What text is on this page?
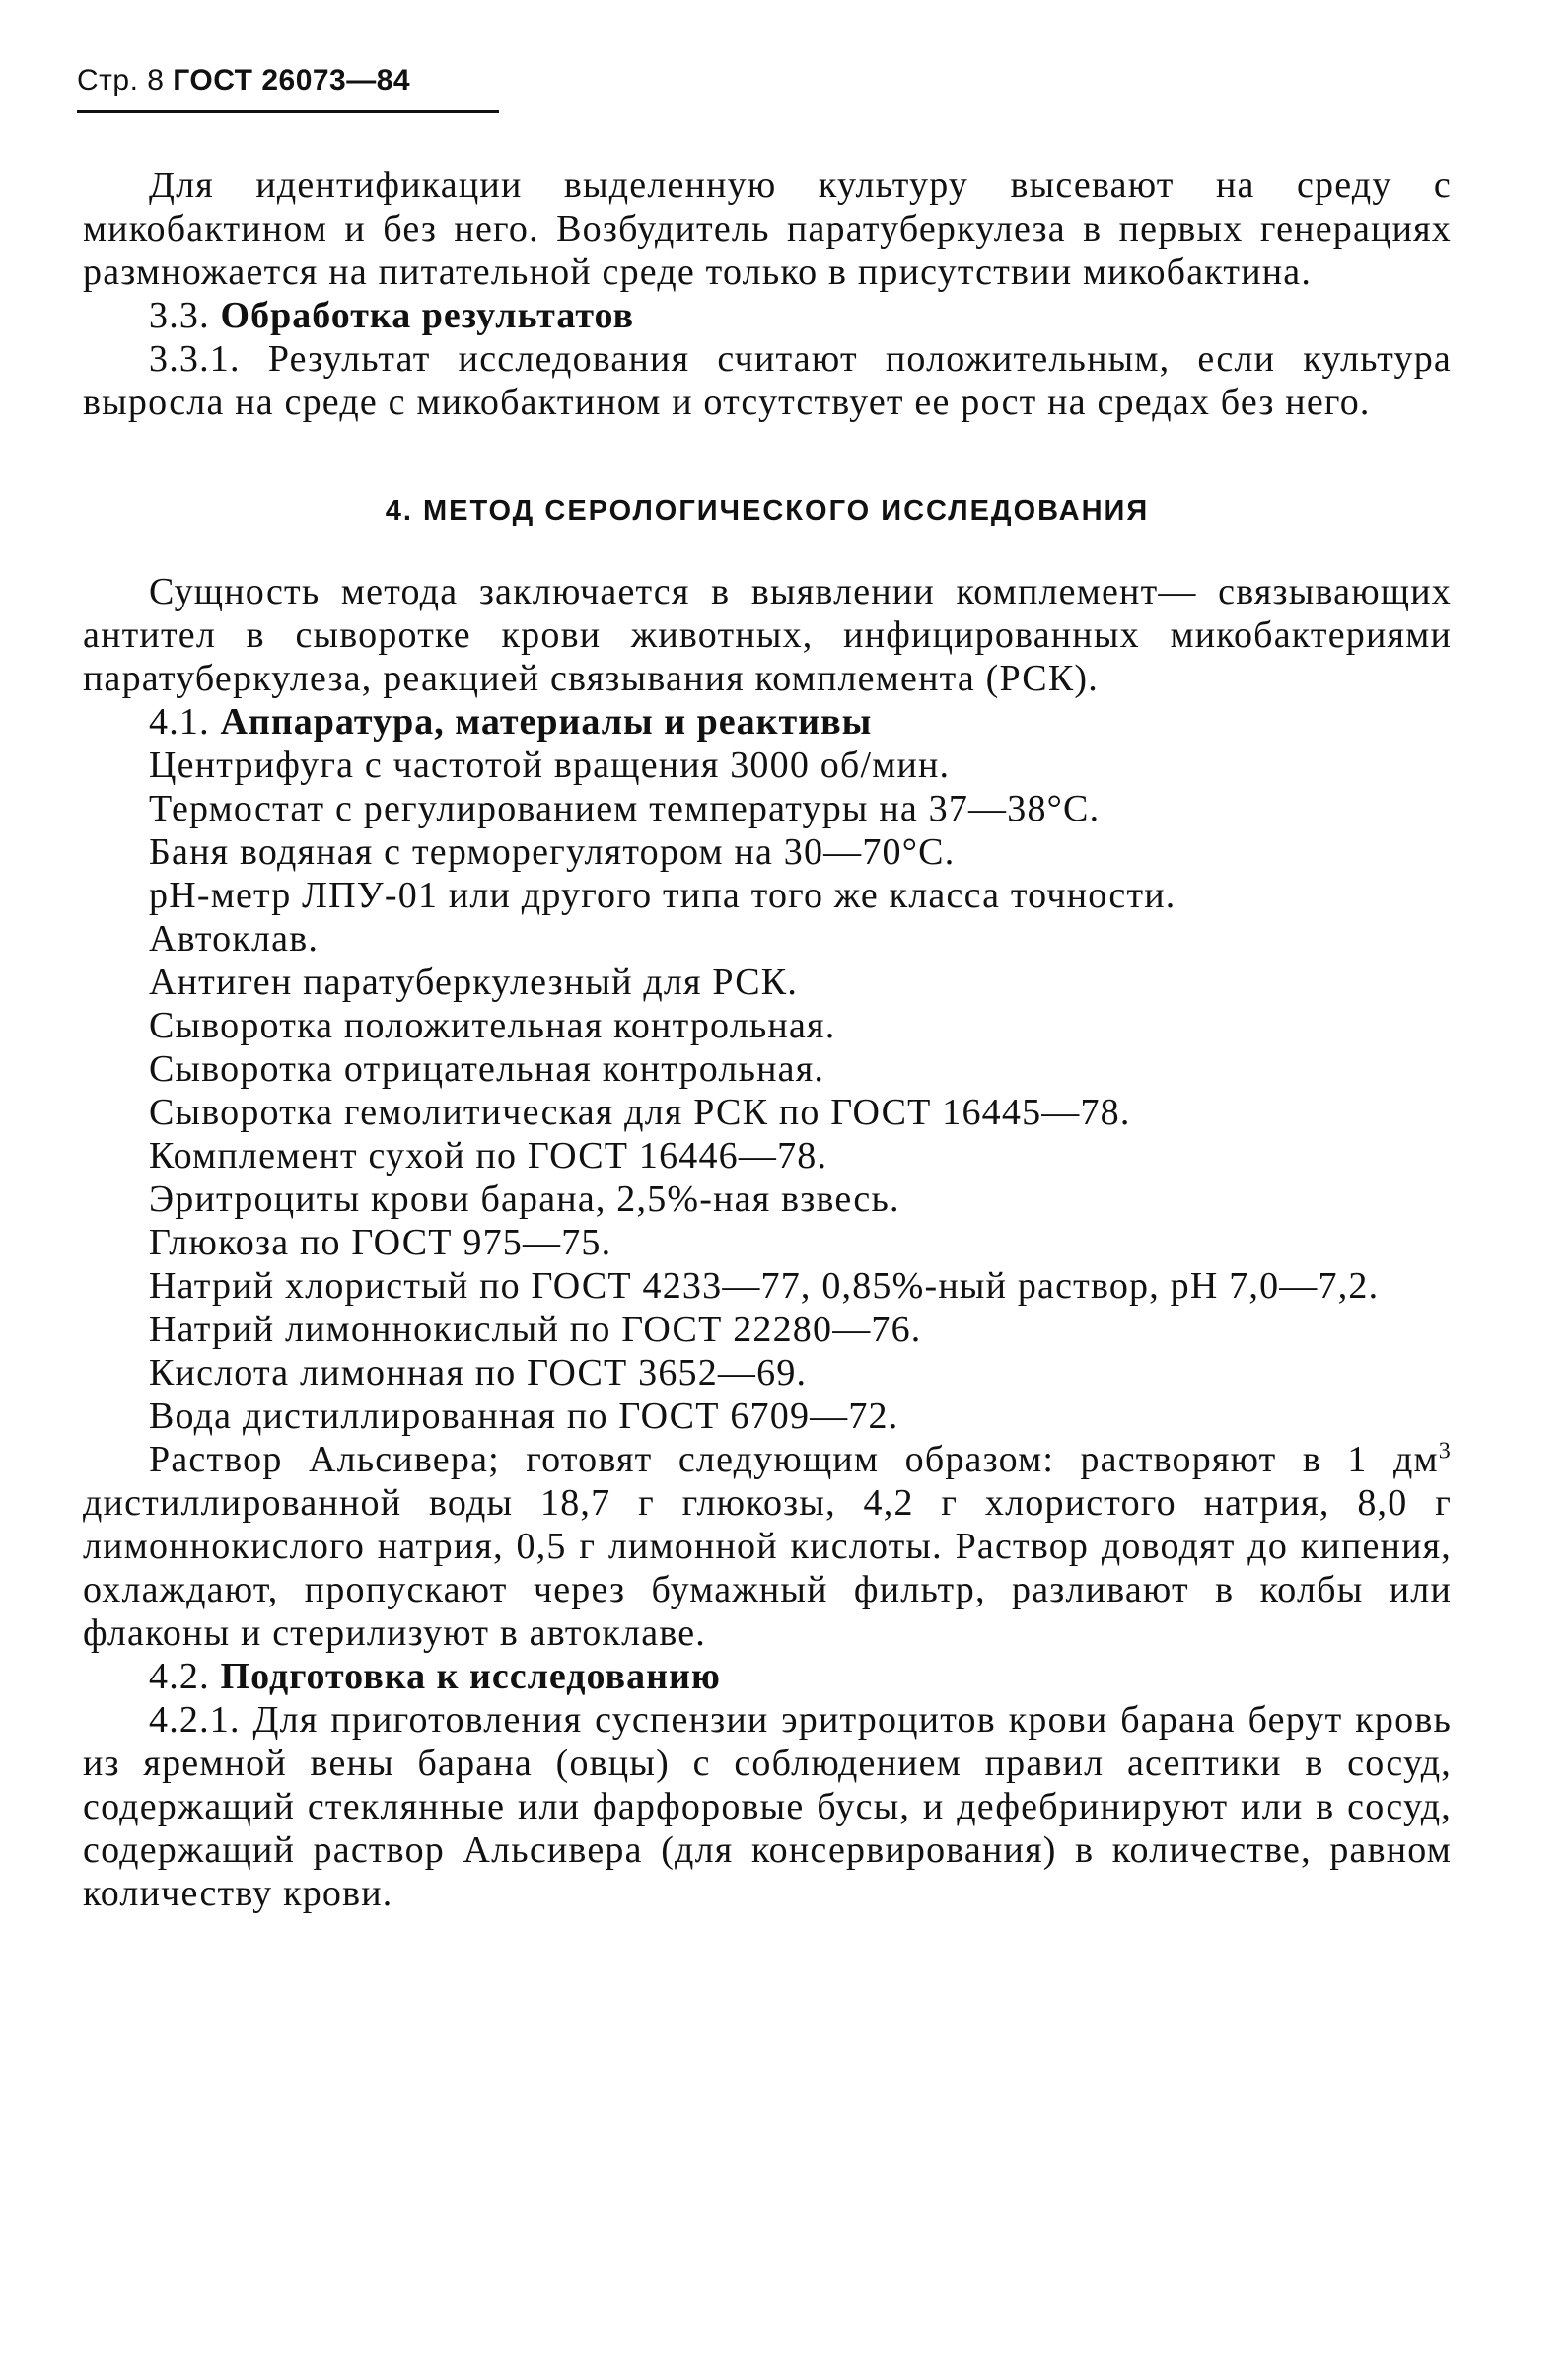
Стр. 8 ГОСТ 26073—84

Для идентификации выделенную культуру высевают на среду с микобактином и без него. Возбудитель паратуберкулеза в первых генерациях размножается на питательной среде только в присутствии микобактина.

3.3. Обработка результатов

3.3.1. Результат исследования считают положительным, если культура выросла на среде с микобактином и отсутствует ее рост на средах без него.

4. МЕТОД СЕРОЛОГИЧЕСКОГО ИССЛЕДОВАНИЯ

Сущность метода заключается в выявлении комплемент— связывающих антител в сыворотке крови животных, инфицированных микобактериями паратуберкулеза, реакцией связывания комплемента (РСК).

4.1. Аппаратура, материалы и реактивы

Центрифуга с частотой вращения 3000 об/мин.

Термостат с регулированием температуры на 37—38°С.

Баня водяная с терморегулятором на 30—70°С.

рН-метр ЛПУ-01 или другого типа того же класса точности.

Автоклав.

Антиген паратуберкулезный для РСК.

Сыворотка положительная контрольная.

Сыворотка отрицательная контрольная.

Сыворотка гемолитическая для РСК по ГОСТ 16445—78.

Комплемент сухой по ГОСТ 16446—78.

Эритроциты крови барана, 2,5%-ная взвесь.

Глюкоза по ГОСТ 975—75.

Натрий хлористый по ГОСТ 4233—77, 0,85%-ный раствор, рН 7,0—7,2.

Натрий лимоннокислый по ГОСТ 22280—76.

Кислота лимонная по ГОСТ 3652—69.

Вода дистиллированная по ГОСТ 6709—72.

Раствор Альсивера; готовят следующим образом: растворяют в 1 $дм^3$ дистиллированной воды 18,7 г глюкозы, 4,2 г хлористого натрия, 8,0 г лимоннокислого натрия, 0,5 г лимонной кислоты. Раствор доводят до кипения, охлаждают, пропускают через бумажный фильтр, разливают в колбы или флаконы и стерилизуют в автоклаве.

4.2. Подготовка к исследованию

4.2.1. Для приготовления суспензии эритроцитов крови барана берут кровь из яремной вены барана (овцы) с соблюдением правил асептики в сосуд, содержащий стеклянные или фарфоровые бусы, и дефебринируют или в сосуд, содержащий раствор Альсивера (для консервирования) в количестве, равном количеству крови.
